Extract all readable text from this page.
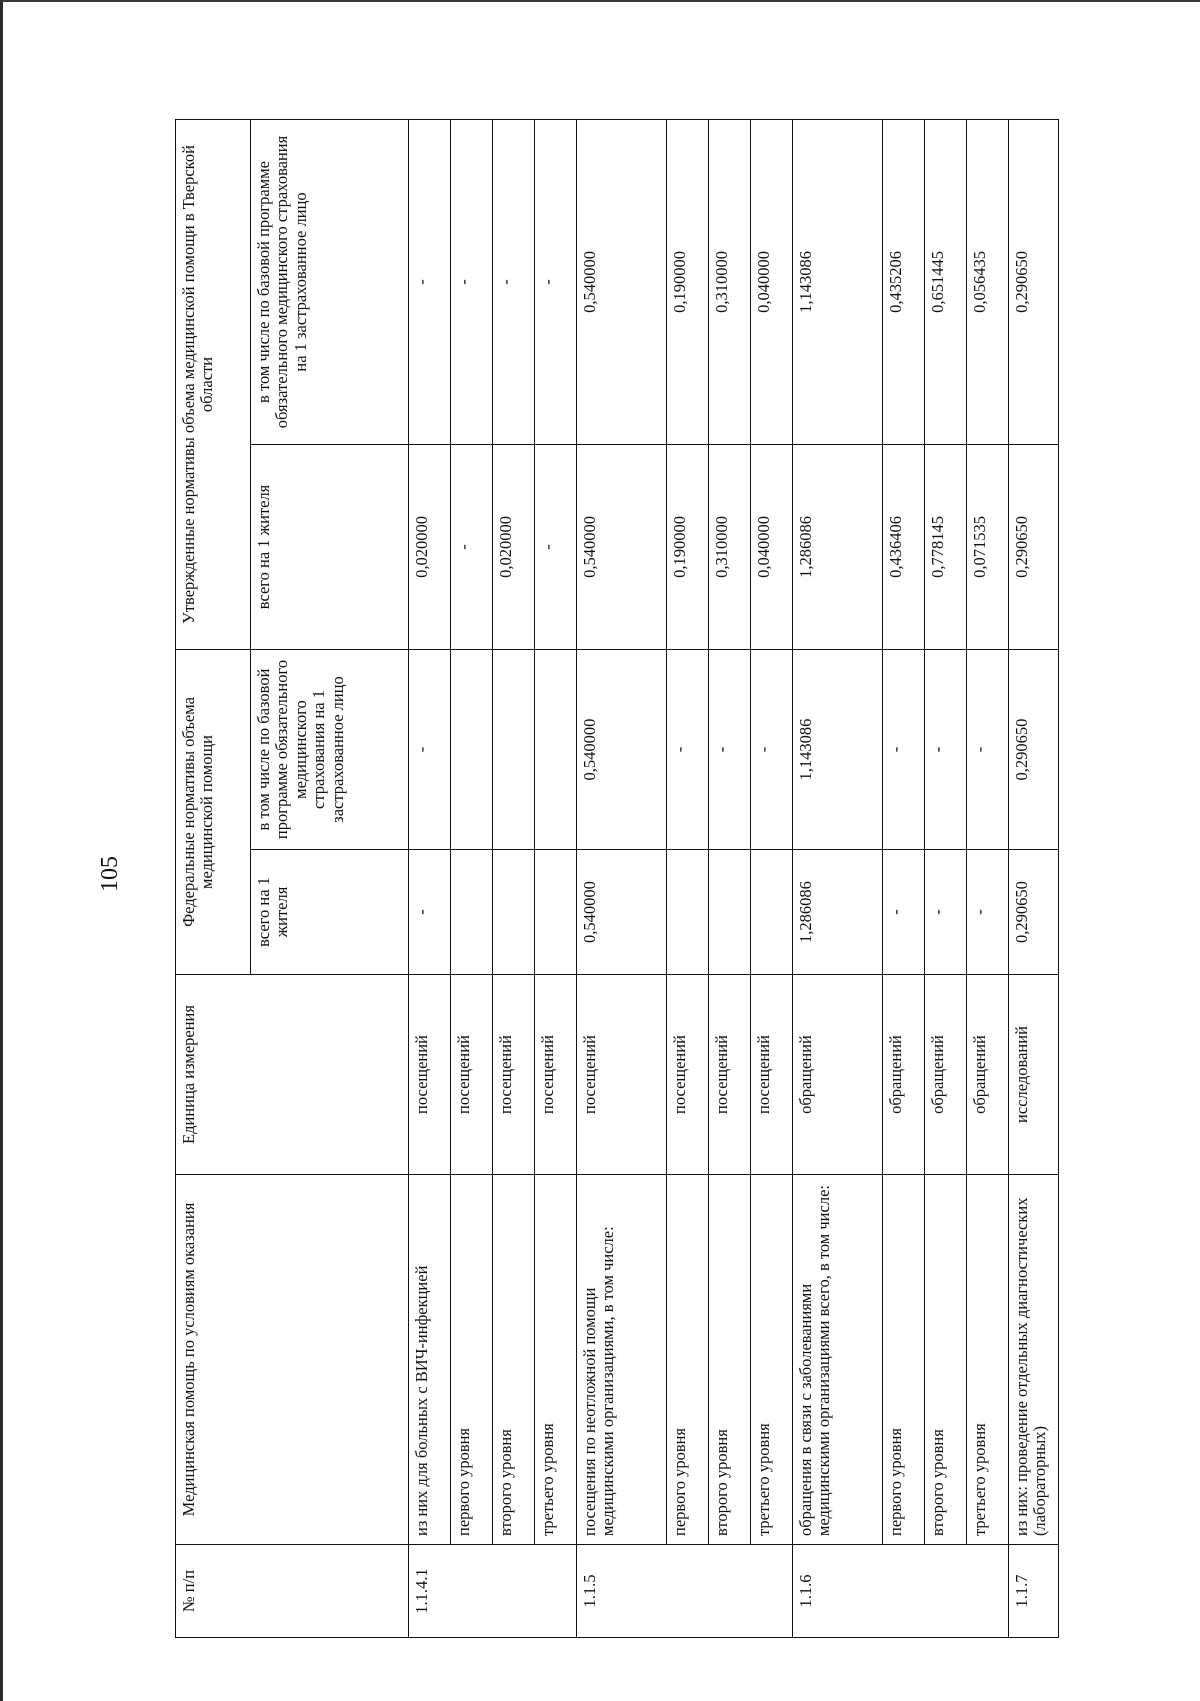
105
№ п/п	Медицинская помощь по условиям оказания	Единица измерения	Федеральные нормативы объема медицинской помощи		Утвержденные нормативы объема медицинской помощи в Тверской области	
			всего на 1 жителя	в том числе по базовой программе обязательного медицинского страхования на 1 застрахованное лицо	всего на 1 жителя	в том числе по базовой программе обязательного медицинского страхования на 1 застрахованное лицо
1.1.4.1	из них для больных с ВИЧ-инфекцией	посещений	-	-	0,020000	-
	первого уровня	посещений			-	-
	второго уровня	посещений			0,020000	-
	третьего уровня	посещений			-	-
1.1.5	посещения по неотложной помощи медицинскими организациями, в том числе:	посещений	0,540000	0,540000	0,540000	0,540000
	первого уровня	посещений		-	0,190000	0,190000
	второго уровня	посещений		-	0,310000	0,310000
	третьего уровня	посещений		-	0,040000	0,040000
1.1.6	обращения в связи с заболеваниями медицинскими организациями всего, в том числе:	обращений	1,286086	1,143086	1,286086	1,143086
	первого уровня	обращений	-	-	0,436406	0,435206
	второго уровня	обращений	-	-	0,778145	0,651445
	третьего уровня	обращений	-	-	0,071535	0,056435
1.1.7	из них: проведение отдельных диагностических (лабораторных)	исследований	0,290650	0,290650	0,290650	0,290650
